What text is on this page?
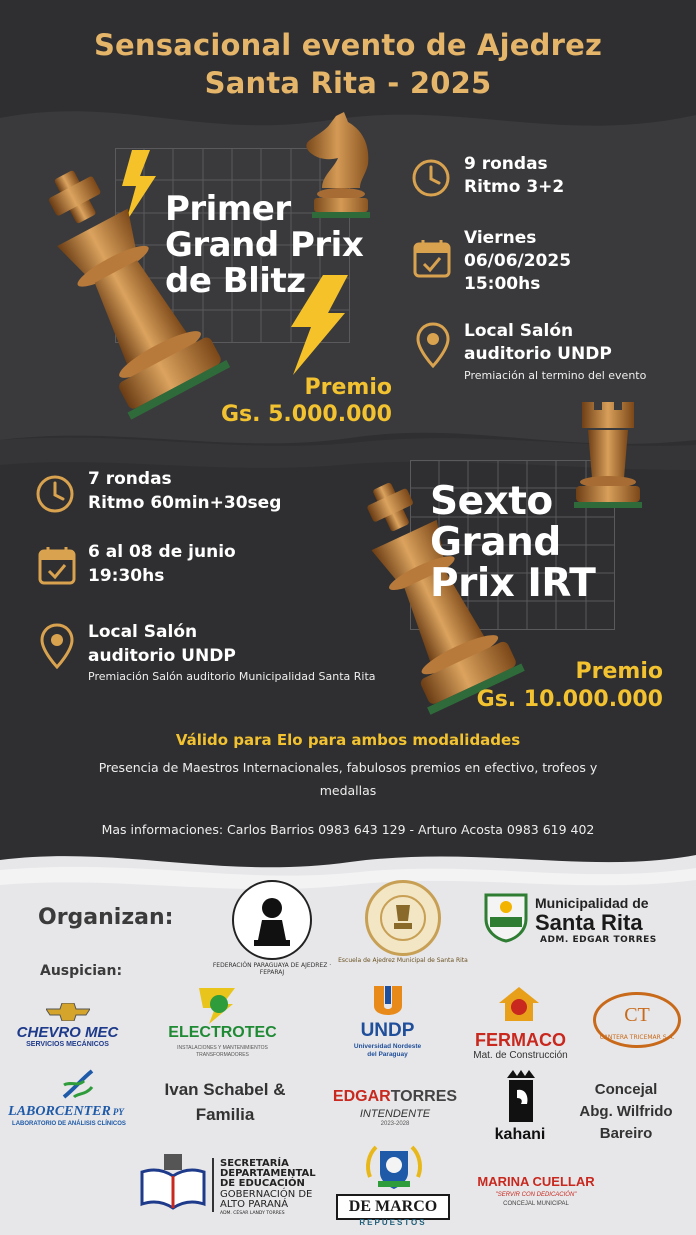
Sensacional evento de Ajedrez
Santa Rita - 2025
Primer
Grand Prix
de Blitz
9 rondas
Ritmo 3+2
Viernes
06/06/2025
15:00hs
Local Salón
auditorio UNDP
Premiación al termino del evento
Premio
Gs. 5.000.000
Sexto
Grand
Prix IRT
7 rondas
Ritmo 60min+30seg
6 al 08 de junio
19:30hs
Local Salón
auditorio UNDP
Premiación Salón auditorio Municipalidad Santa Rita	Premio
Gs. 10.000.000
Válido para Elo para ambos modalidades
Presencia de Maestros Internacionales, fabulosos premios en efectivo, trofeos y
medallas
Mas informaciones: Carlos Barrios 0983 643 129 - Arturo Acosta 0983 619 402
Organizan:
FEDERACIÓN PARAGUAYA DE AJEDREZ · FEPARAJ
Escuela de Ajedrez Municipal de Santa Rita
Municipalidad de
Santa Rita
ADM. EDGAR TORRES
Auspician:
CHEVRO MEC
SERVICIOS MECÁNICOS
ELECTROTEC
INSTALACIONES Y MANTENIMIENTOS
TRANSFORMADORES
UNDP
Universidad Nordeste
del Paraguay
FERMACO
Mat. de Construcción
CT
CANTERA TRICEMAR S.A.
LABORCENTER PY
LABORATORIO DE ANÁLISIS CLÍNICOS
Ivan Schabel &
Familia
EDGARTORRES
INTENDENTE
2023-2028
kahani
Concejal
Abg. Wilfrido
Bareiro
SECRETARÍA
DEPARTAMENTAL
DE EDUCACIÓN
GOBERNACIÓN DE
ALTO PARANÁ
ADM. CÉSAR LANDY TORRES	DE MARCO
REPUESTOS
MARINA CUELLAR
"SERVIR CON DEDICACIÓN"
CONCEJAL MUNICIPAL
